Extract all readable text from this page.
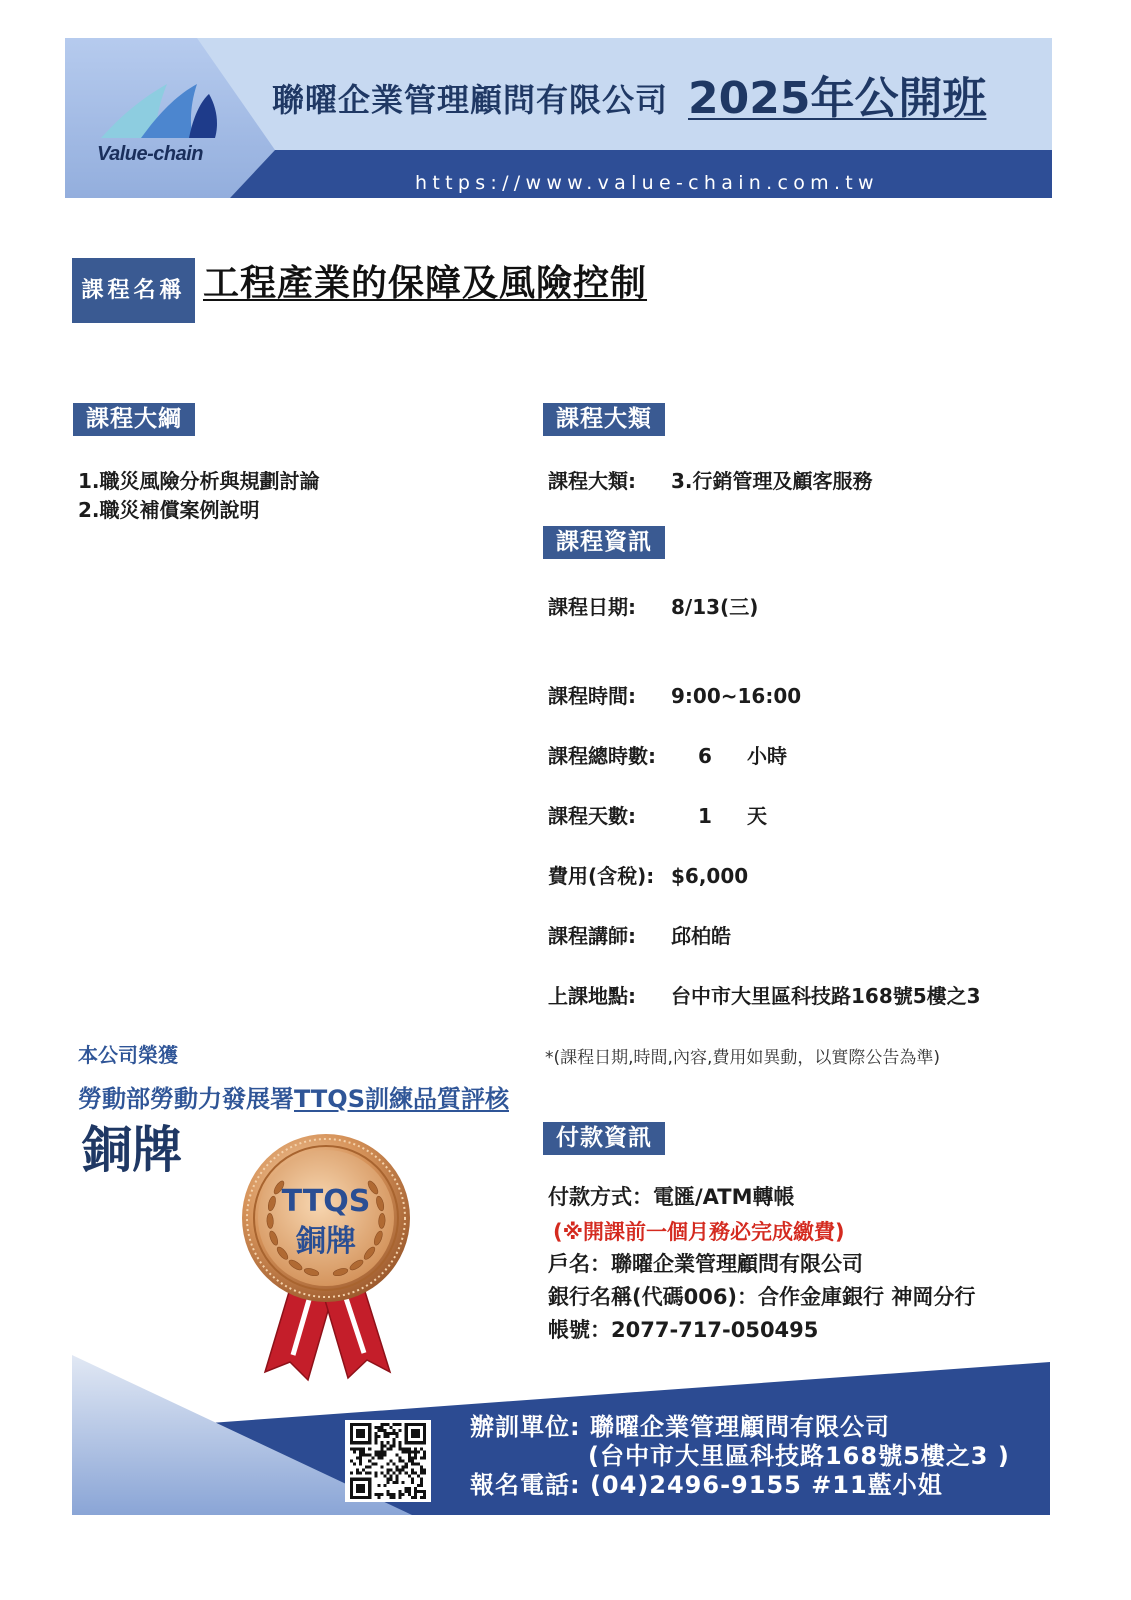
Value-chain
聯曜企業管理顧問有限公司 2025年公開班
https://www.value-chain.com.tw
課程名稱 工程產業的保障及風險控制
課程大綱
1.職災風險分析與規劃討論
2.職災補償案例說明
課程大類
課程大類: 3.行銷管理及顧客服務
課程資訊
課程日期: 8/13(三)
課程時間: 9:00~16:00
課程總時數: 6 小時
課程天數:	1 天
費用(含稅): $6,000
課程講師: 邱柏皓
上課地點: 台中市大里區科技路168號5樓之3
*(課程日期,時間,內容,費用如異動，以實際公告為準)
本公司榮獲
勞動部勞動力發展署TTQS訓練品質評核
銅牌
TTQS
銅牌
付款資訊
付款方式：電匯/ATM轉帳
(※開課前一個月務必完成繳費)
戶名：聯曜企業管理顧問有限公司
銀行名稱(代碼006)：合作金庫銀行 神岡分行
帳號：2077-717-050495
辦訓單位: 聯曜企業管理顧問有限公司
(台中市大里區科技路168號5樓之3 )
報名電話: (04)2496-9155 #11藍小姐
